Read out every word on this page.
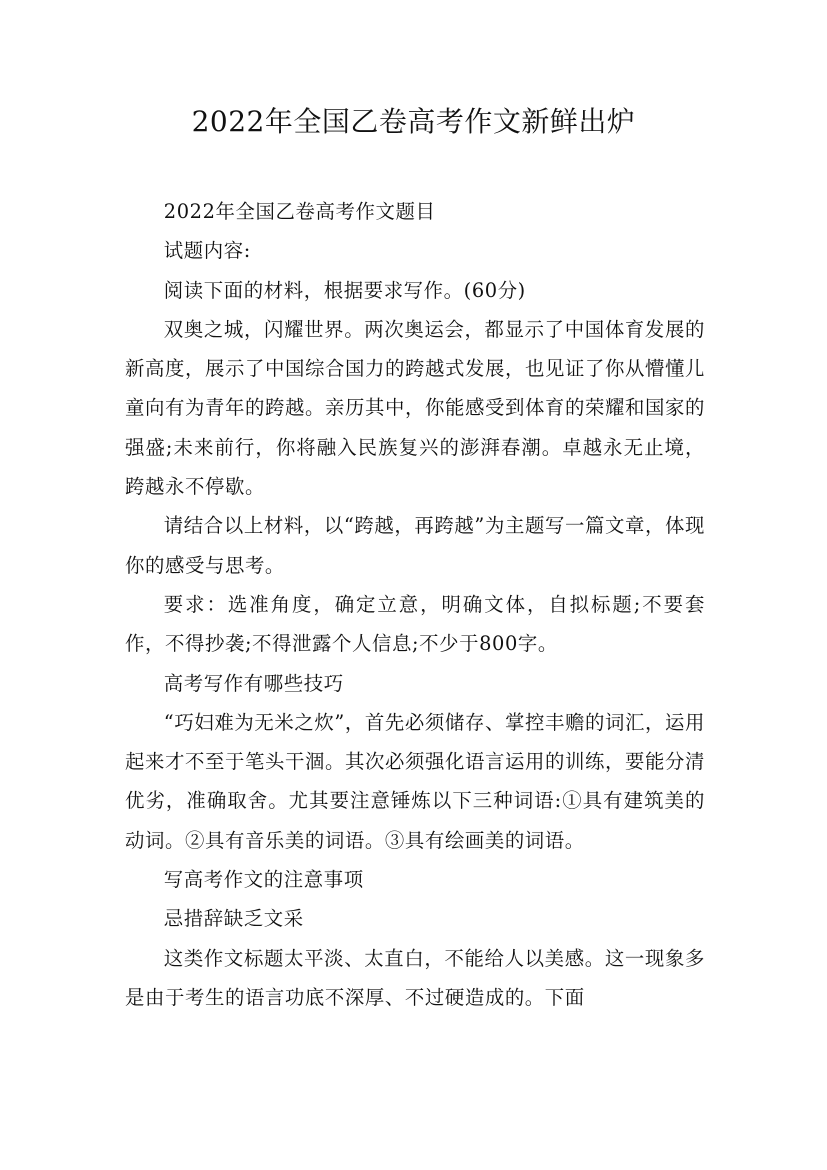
2022年全国乙卷高考作文新鲜出炉

2022年全国乙卷高考作文题目

试题内容:

阅读下面的材料，根据要求写作。(60分)

双奥之城，闪耀世界。两次奥运会，都显示了中国体育发展的新高度，展示了中国综合国力的跨越式发展，也见证了你从懵懂儿童向有为青年的跨越。亲历其中，你能感受到体育的荣耀和国家的强盛;未来前行，你将融入民族复兴的澎湃春潮。卓越永无止境，跨越永不停歇。

请结合以上材料，以“跨越，再跨越”为主题写一篇文章，体现你的感受与思考。

要求：选准角度，确定立意，明确文体，自拟标题;不要套作，不得抄袭;不得泄露个人信息;不少于800字。

高考写作有哪些技巧

“巧妇难为无米之炊”，首先必须储存、掌控丰赡的词汇，运用起来才不至于笔头干涸。其次必须强化语言运用的训练，要能分清优劣，准确取舍。尤其要注意锤炼以下三种词语:①具有建筑美的动词。②具有音乐美的词语。③具有绘画美的词语。

写高考作文的注意事项

忌措辞缺乏文采

这类作文标题太平淡、太直白，不能给人以美感。这一现象多是由于考生的语言功底不深厚、不过硬造成的。下面
